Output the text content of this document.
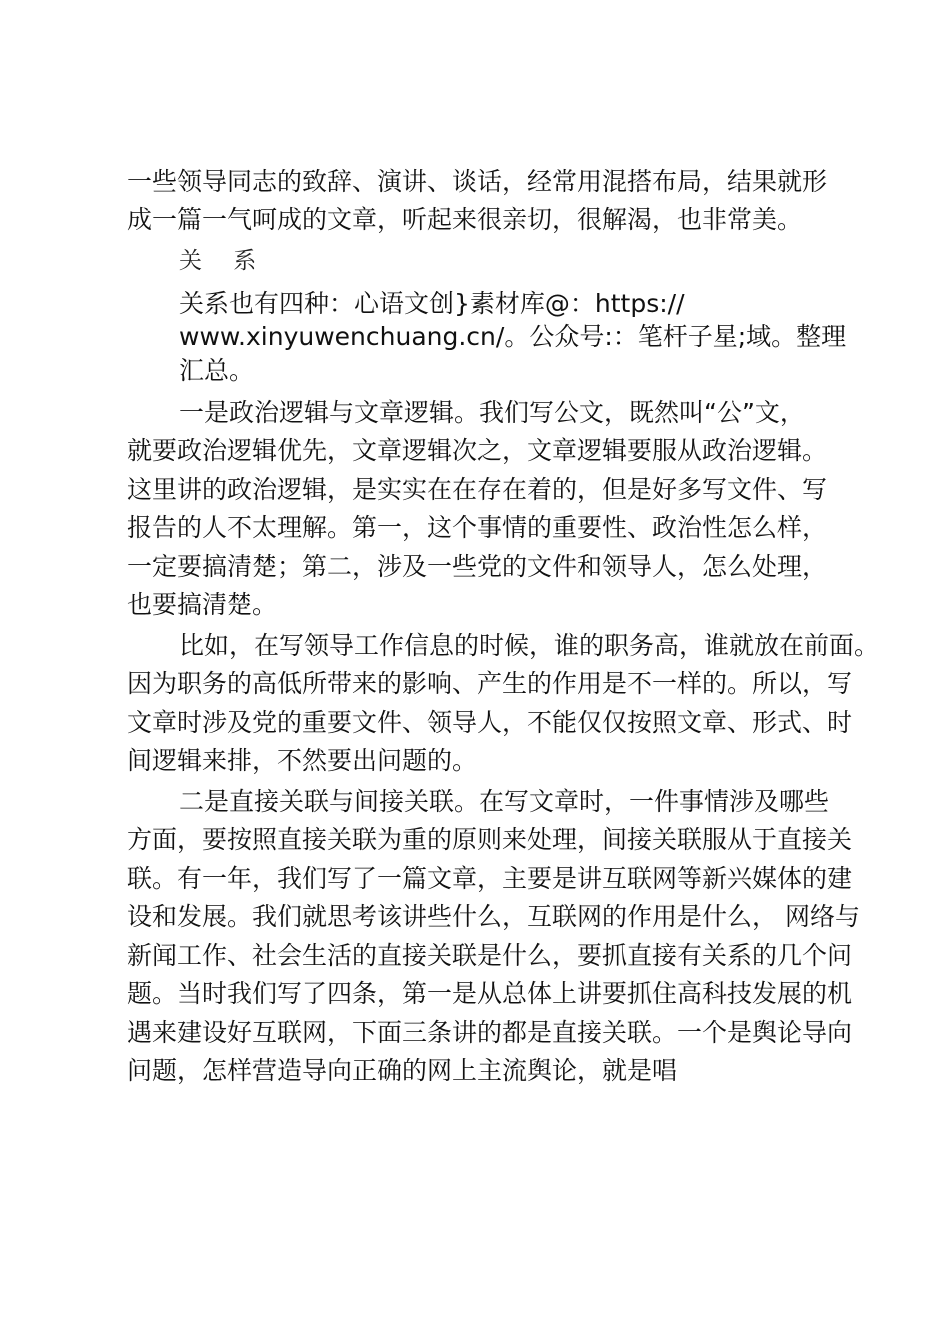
一些领导同志的致辞、演讲、谈话，经常用混搭布局，结果就形
成一篇一气呵成的文章，听起来很亲切，很解渴，也非常美。
关 系
关系也有四种：心语文创}素材库@：https://
www.xinyuwenchuang.cn/。公众号:：笔杆子星;域。整理
汇总。
一是政治逻辑与文章逻辑。我们写公文，既然叫“公”文，
就要政治逻辑优先，文章逻辑次之，文章逻辑要服从政治逻辑。
这里讲的政治逻辑，是实实在在存在着的，但是好多写文件、写
报告的人不太理解。第一，这个事情的重要性、政治性怎么样，
一定要搞清楚；第二，涉及一些党的文件和领导人，怎么处理，
也要搞清楚。
比如，在写领导工作信息的时候，谁的职务高，谁就放在前面。
因为职务的高低所带来的影响、产生的作用是不一样的。所以，写
文章时涉及党的重要文件、领导人，不能仅仅按照文章、形式、时
间逻辑来排，不然要出问题的。
二是直接关联与间接关联。在写文章时，一件事情涉及哪些
方面，要按照直接关联为重的原则来处理，间接关联服从于直接关
联。有一年，我们写了一篇文章，主要是讲互联网等新兴媒体的建
设和发展。我们就思考该讲些什么，互联网的作用是什么， 网络与
新闻工作、社会生活的直接关联是什么，要抓直接有关系的几个问
题。当时我们写了四条，第一是从总体上讲要抓住高科技发展的机
遇来建设好互联网，下面三条讲的都是直接关联。一个是舆论导向
问题，怎样营造导向正确的网上主流舆论，就是唱
